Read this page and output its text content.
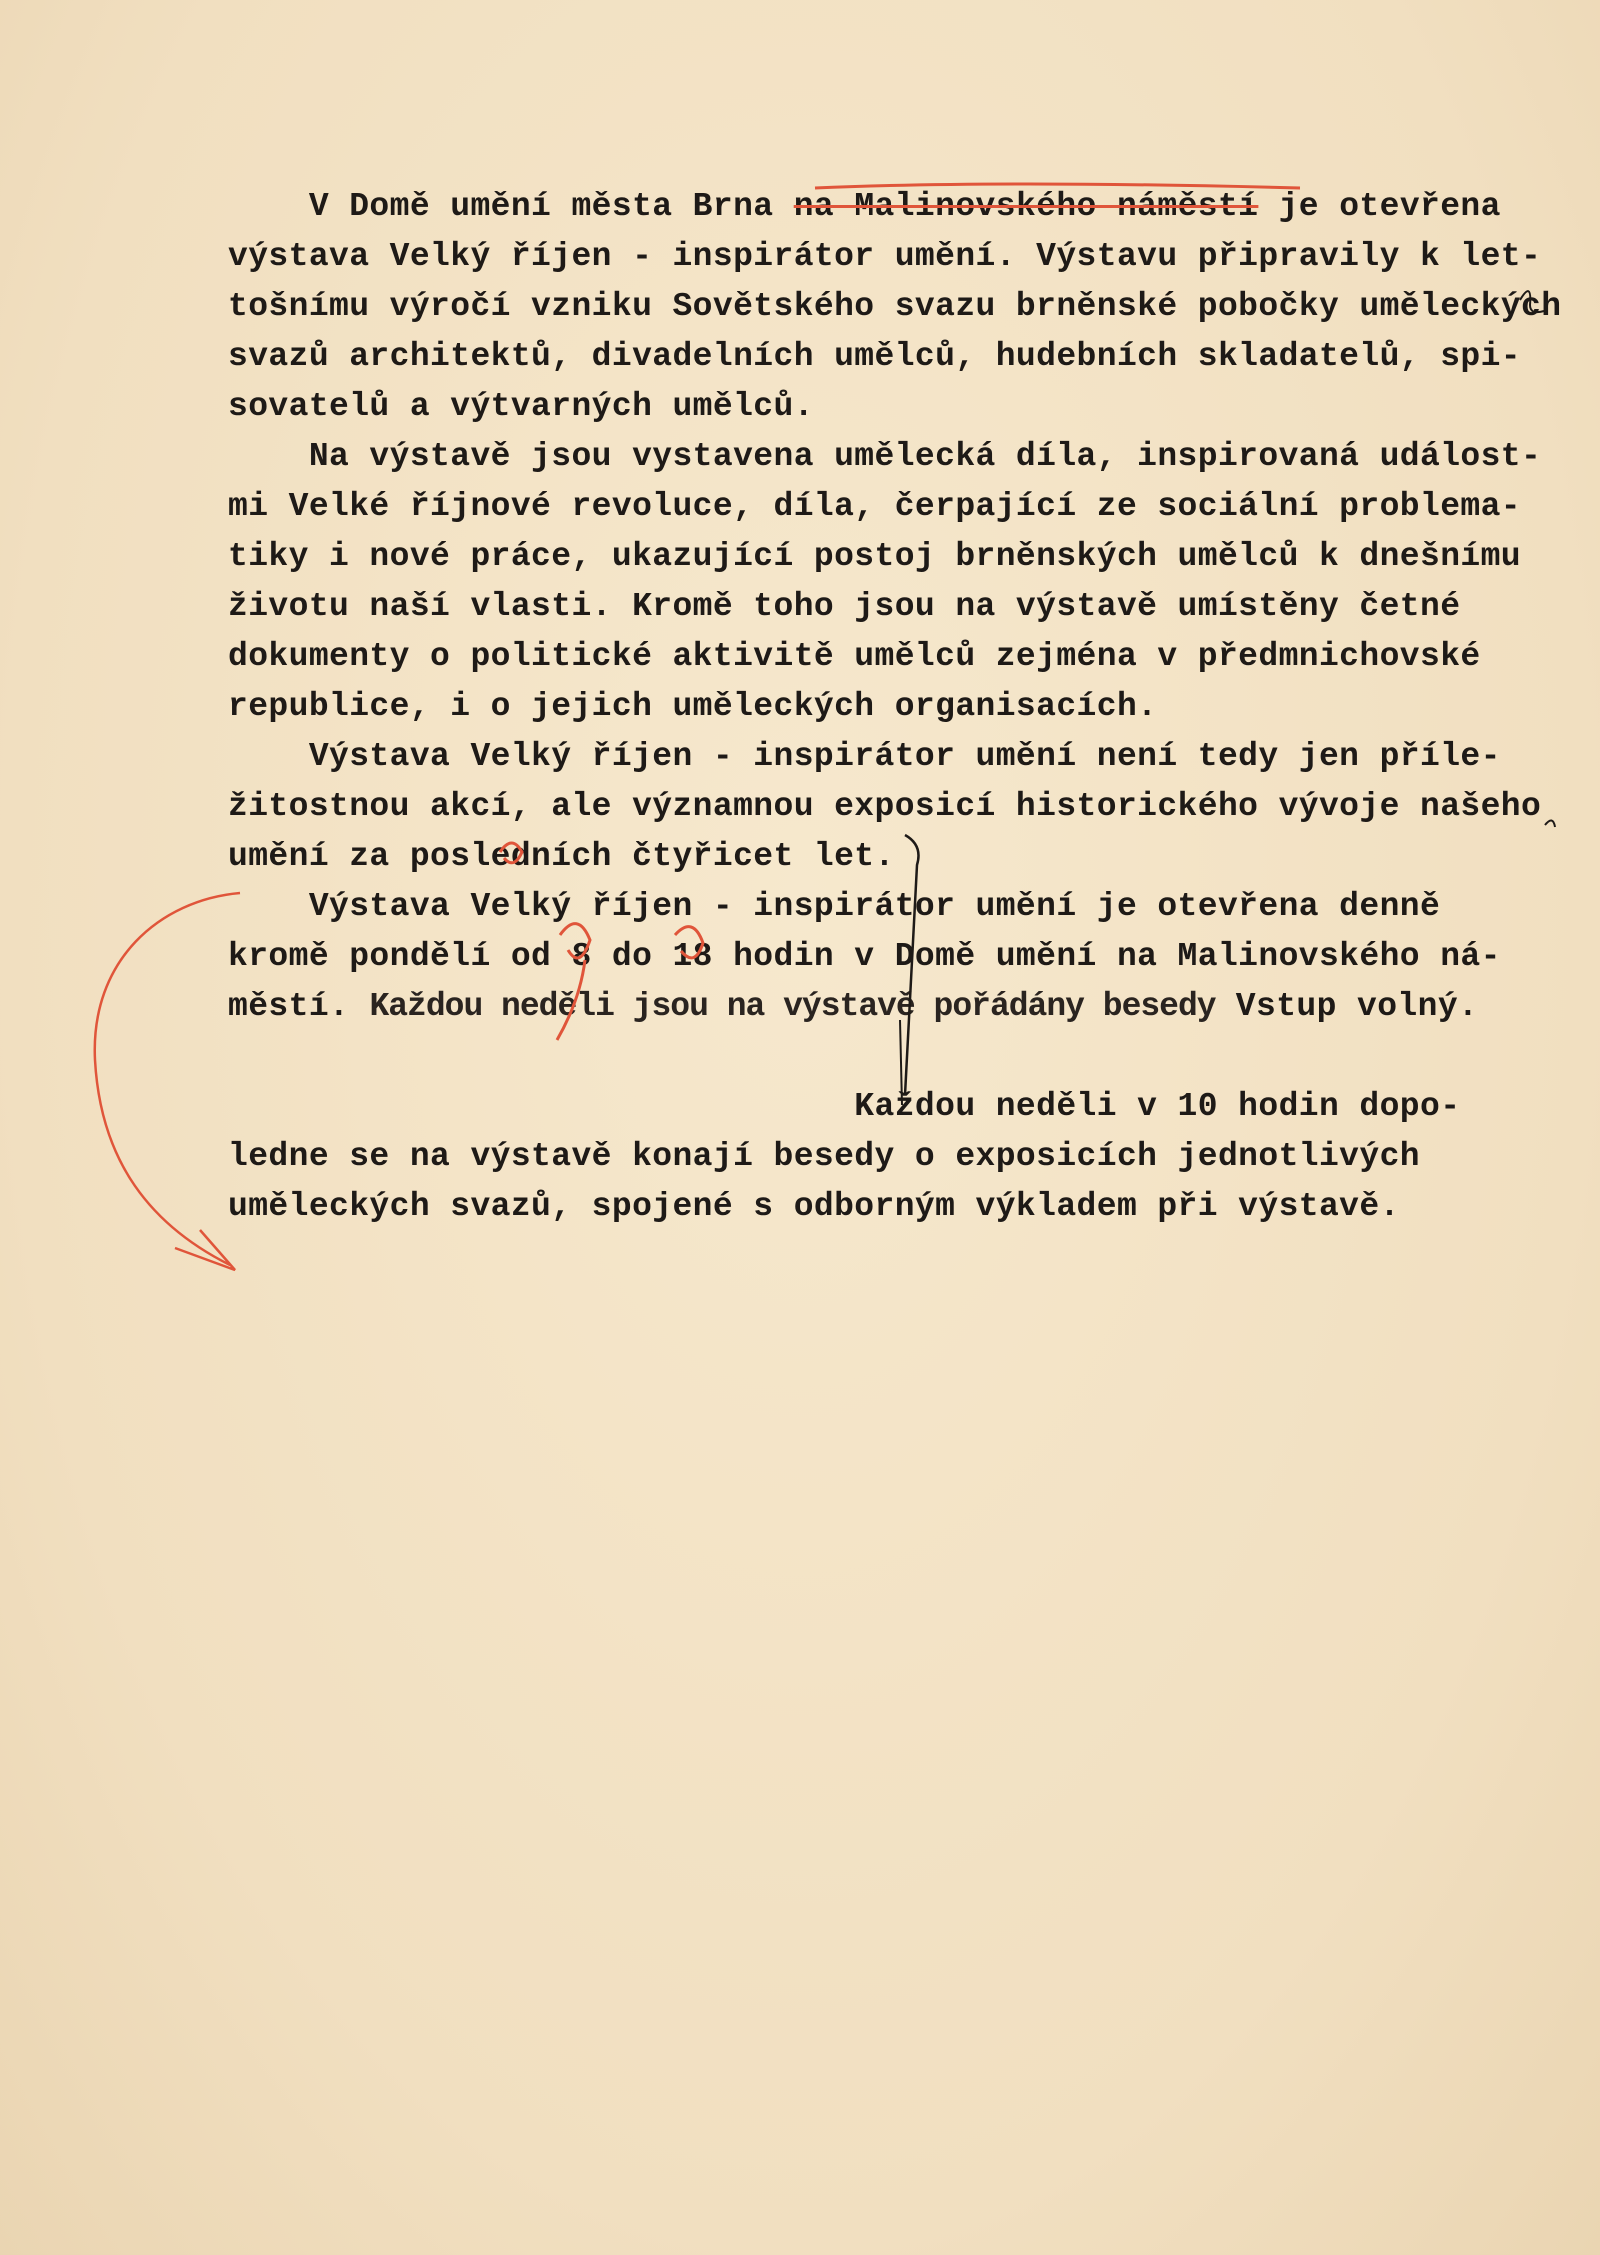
V Domě umění města Brna na Malinovského náměstí je otevřena
výstava Velký říjen - inspirátor umění. Výstavu připravily k let-
tošnímu výročí vzniku Sovětského svazu brněnské pobočky uměleckých
svazů architektů, divadelních umělců, hudebních skladatelů, spi-
sovatelů a výtvarných umělců.
Na výstavě jsou vystavena umělecká díla, inspirovaná událost-
mi Velké říjnové revoluce, díla, čerpající ze sociální problema-
tiky i nové práce, ukazující postoj brněnských umělců k dnešnímu
životu naší vlasti. Kromě toho jsou na výstavě umístěny četné
dokumenty o politické aktivitě umělců zejména v předmnichovské
republice, i o jejich uměleckých organisacích.
Výstava Velký říjen - inspirátor umění není tedy jen příle-
žitostnou akcí, ale významnou exposicí historického vývoje našeho
umění za posledních čtyřicet let.
Výstava Velký říjen - inspirátor umění je otevřena denně
kromě pondělí od 8 do 18 hodin v Domě umění na Malinovského ná-
městí. Každou neděli jsou na výstavě pořádány besedy Vstup volný.
Každou neděli v 10 hodin dopo-
ledne se na výstavě konají besedy o exposicích jednotlivých
uměleckých svazů, spojené s odborným výkladem při výstavě.
